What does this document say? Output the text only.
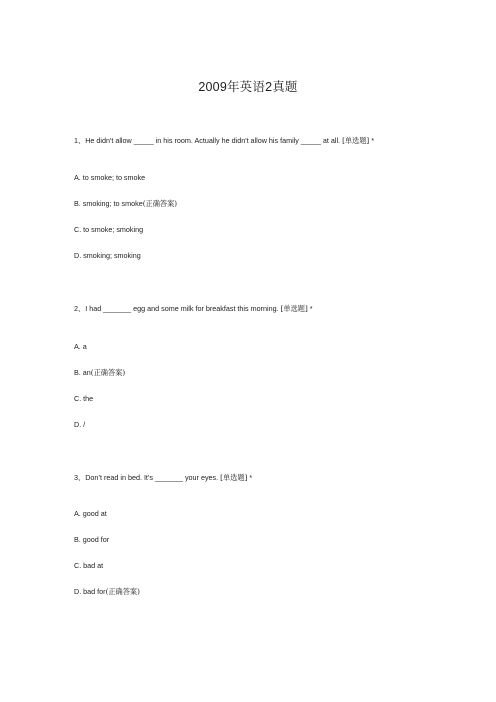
2009年英语2真题
1、He didn't allow _____ in his room. Actually he didn't allow his family _____ at all. [单选题] *
A. to smoke; to smoke
B. smoking; to smoke(正确答案)
C. to smoke; smoking
D. smoking; smoking
2、I had _______ egg and some milk for breakfast this morning. [单选题] *
A. a
B. an(正确答案)
C. the
D. /
3、Don’t read in bed. It’s _______ your eyes. [单选题] *
A. good at
B. good for
C. bad at
D. bad for(正确答案)
